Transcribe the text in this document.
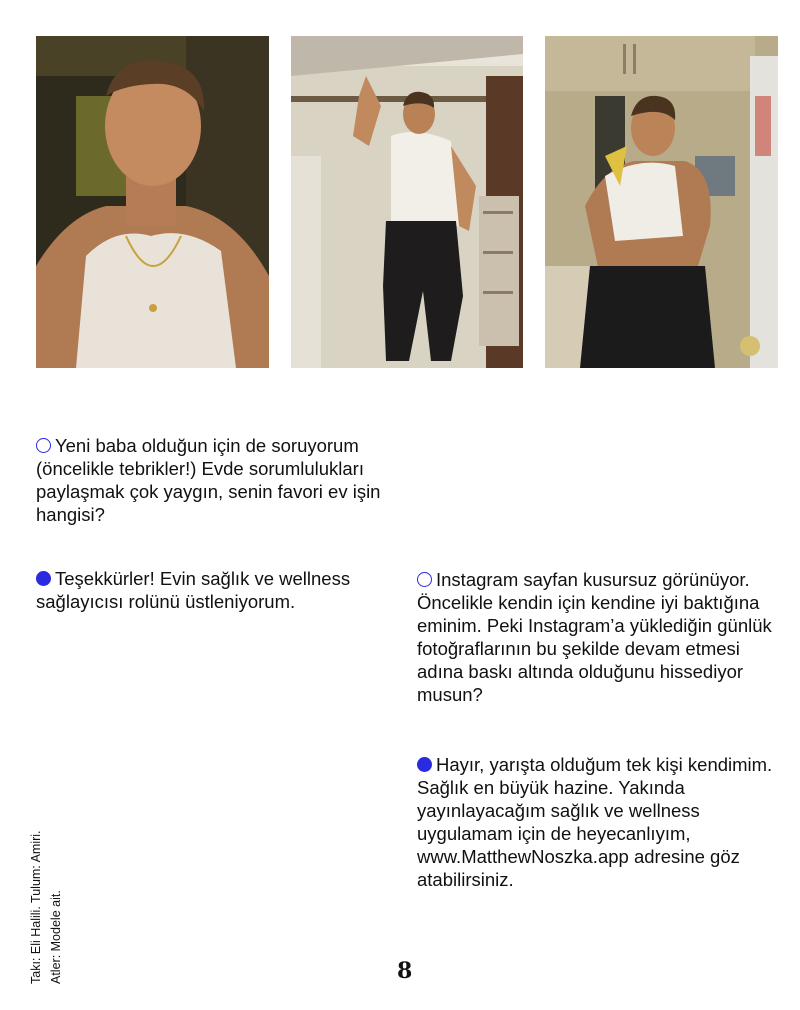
Yeni baba olduğun için de soruyorum (öncelikle tebrikler!) Evde sorumlulukları paylaşmak çok yaygın, senin favori ev işin hangisi?

Teşekkürler! Evin sağlık ve wellness sağlayıcısı rolünü üstleniyorum.

Instagram sayfan kusursuz görünüyor. Öncelikle kendin için kendine iyi baktığına eminim. Peki Instagram’a yüklediğin günlük fotoğraflarının bu şekilde devam etmesi adına baskı altında olduğunu hissediyor musun?

Hayır, yarışta olduğum tek kişi kendimim. Sağlık en büyük hazine. Yakında yayınlayacağım sağlık ve wellness uygulamam için de heyecanlıyım, www.MatthewNoszka.app adresine göz atabilirsiniz.

Takı: Eli Halili. Tulum: Amiri. Atler: Modele ait.	8
